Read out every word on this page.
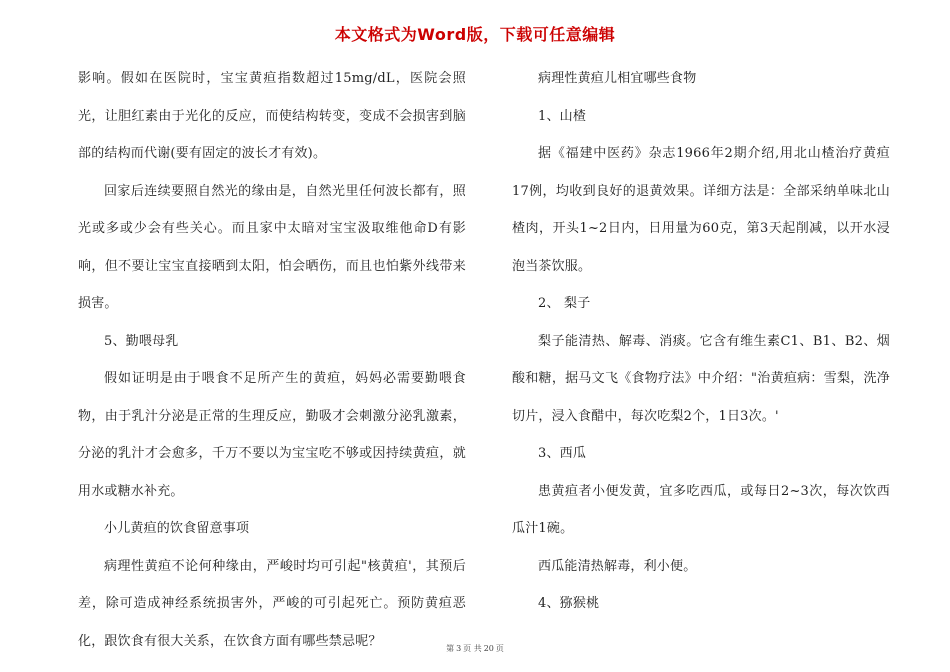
本文格式为Word版，下载可任意编辑

影响。假如在医院时，宝宝黄疸指数超过15mg/dL，医院会照光，让胆红素由于光化的反应，而使结构转变，变成不会损害到脑部的结构而代谢(要有固定的波长才有效)。

回家后连续要照自然光的缘由是，自然光里任何波长都有，照光或多或少会有些关心。而且家中太暗对宝宝汲取维他命D有影响，但不要让宝宝直接晒到太阳，怕会晒伤，而且也怕紫外线带来损害。

5、勤喂母乳

假如证明是由于喂食不足所产生的黄疸，妈妈必需要勤喂食物，由于乳汁分泌是正常的生理反应，勤吸才会刺激分泌乳激素，分泌的乳汁才会愈多，千万不要以为宝宝吃不够或因持续黄疸，就用水或糖水补充。

小儿黄疸的饮食留意事项

病理性黄疸不论何种缘由，严峻时均可引起"核黄疸'，其预后差，除可造成神经系统损害外，严峻的可引起死亡。预防黄疸恶化，跟饮食有很大关系，在饮食方面有哪些禁忌呢？

病理性黄疸儿相宜哪些食物

1、山楂

据《福建中医药》杂志1966年2期介绍,用北山楂治疗黄疸17例，均收到良好的退黄效果。详细方法是：全部采纳单味北山楂肉，开头1~2日内，日用量为60克，第3天起削减，以开水浸泡当茶饮服。

2、 梨子

梨子能清热、解毒、消痰。它含有维生素C1、B1、B2、烟酸和糖，据马文飞《食物疗法》中介绍："治黄疸病：雪梨，洗净切片，浸入食醋中，每次吃梨2个，1日3次。'

3、西瓜

患黄疸者小便发黄，宜多吃西瓜，或每日2~3次，每次饮西瓜汁1碗。

西瓜能清热解毒，利小便。

4、猕猴桃

第 3 页 共 20 页
